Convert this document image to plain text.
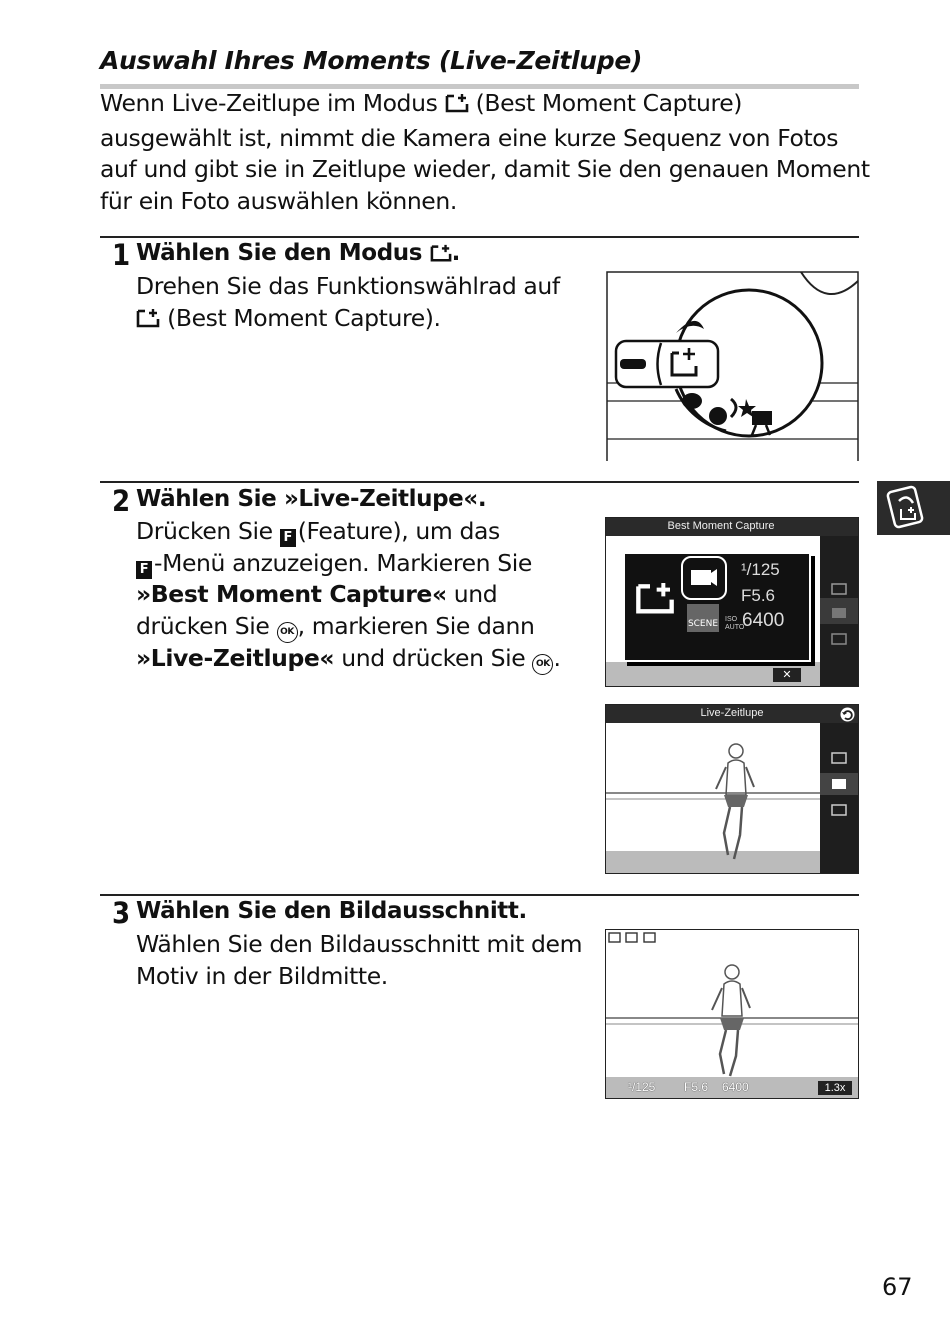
Auswahl Ihres Moments (Live-Zeitlupe)
Wenn Live-Zeitlupe im Modus (Best Moment Capture) ausgewählt ist, nimmt die Kamera eine kurze Sequenz von Fotos auf und gibt sie in Zeitlupe wieder, damit Sie den genauen Moment für ein Foto auswählen können.
1 Wählen Sie den Modus .
Drehen Sie das Funktionswählrad auf
(Best Moment Capture).
2 Wählen Sie »Live-Zeitlupe«.
Drücken Sie F (Feature), um das
F -Menü anzuzeigen. Markieren Sie
»Best Moment Capture« und drücken Sie OK , markieren Sie dann »Live-Zeitlupe« und drücken Sie OK .
Best Moment Capture
✕
SCENE
¹/125
F5.6
ISO AUTO
6400
Live-Zeitlupe
3 Wählen Sie den Bildausschnitt.
Wählen Sie den Bildausschnitt mit dem Motiv in der Bildmitte.
¹/125 F5.6 6400	1.3x
67
